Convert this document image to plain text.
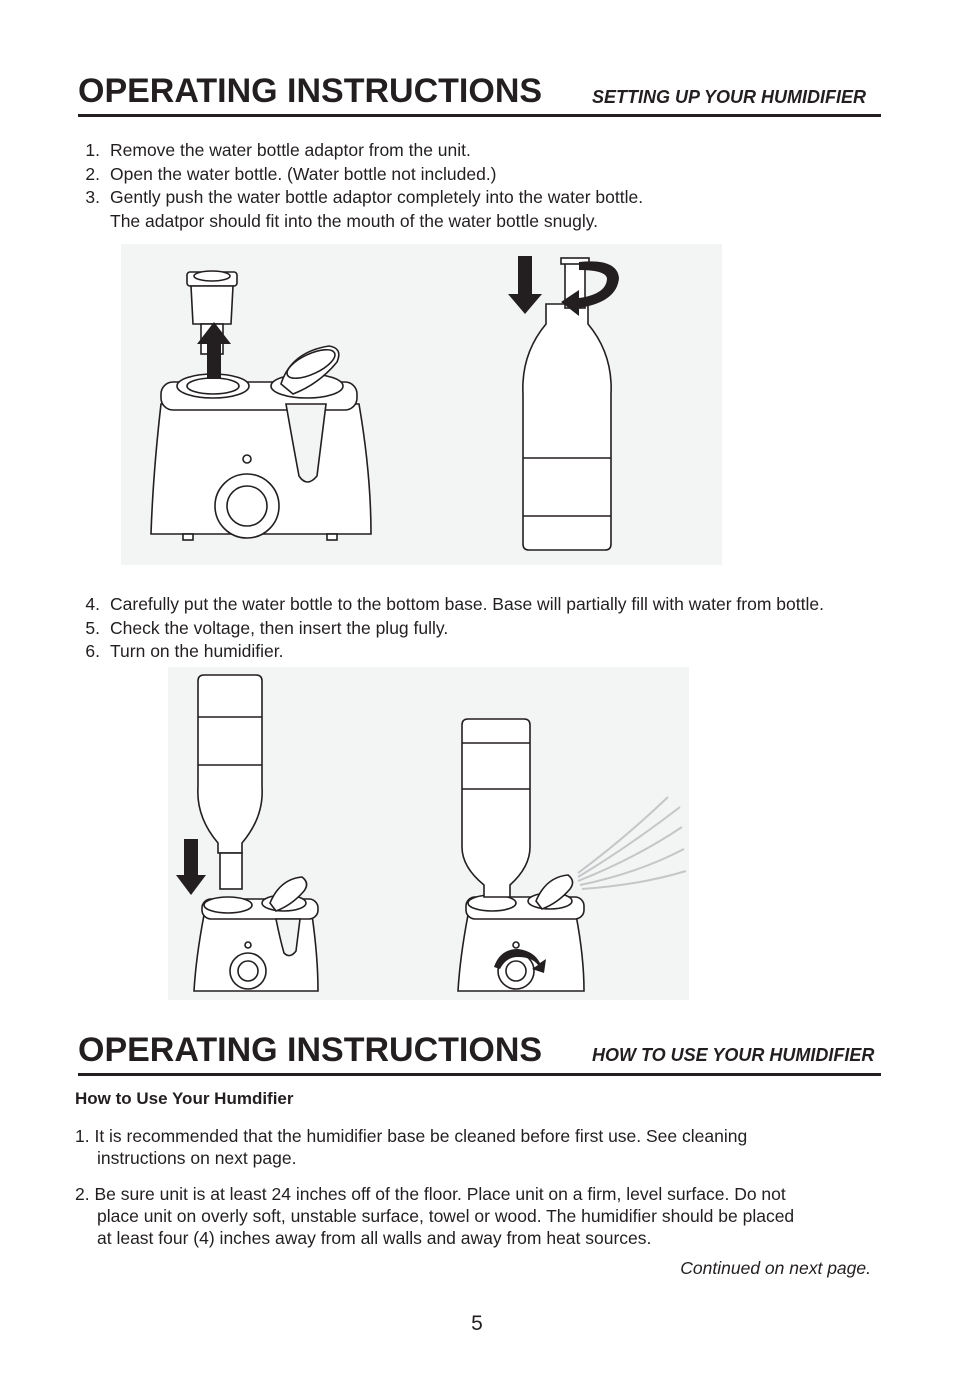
OPERATING INSTRUCTIONS	SETTING UP YOUR HUMIDIFIER
1. Remove the water bottle adaptor from the unit.
2. Open the water bottle. (Water bottle not included.)
3. Gently push the water bottle adaptor completely into the water bottle.
The adatpor should fit into the mouth of the water bottle snugly.
4. Carefully put the water bottle to the bottom base. Base will partially fill with water from bottle.
5. Check the voltage, then insert the plug fully.
6. Turn on the humidifier.
OPERATING INSTRUCTIONS	HOW TO USE YOUR HUMIDIFIER
How to Use Your Humdifier
1. It is recommended that the humidifier base be cleaned before first use. See cleaning
instructions on next page.
2. Be sure unit is at least 24 inches off of the floor. Place unit on a firm, level surface. Do not
place unit on overly soft, unstable surface, towel or wood. The humidifier should be placed
at least four (4) inches away from all walls and away from heat sources.
Continued on next page.
5
